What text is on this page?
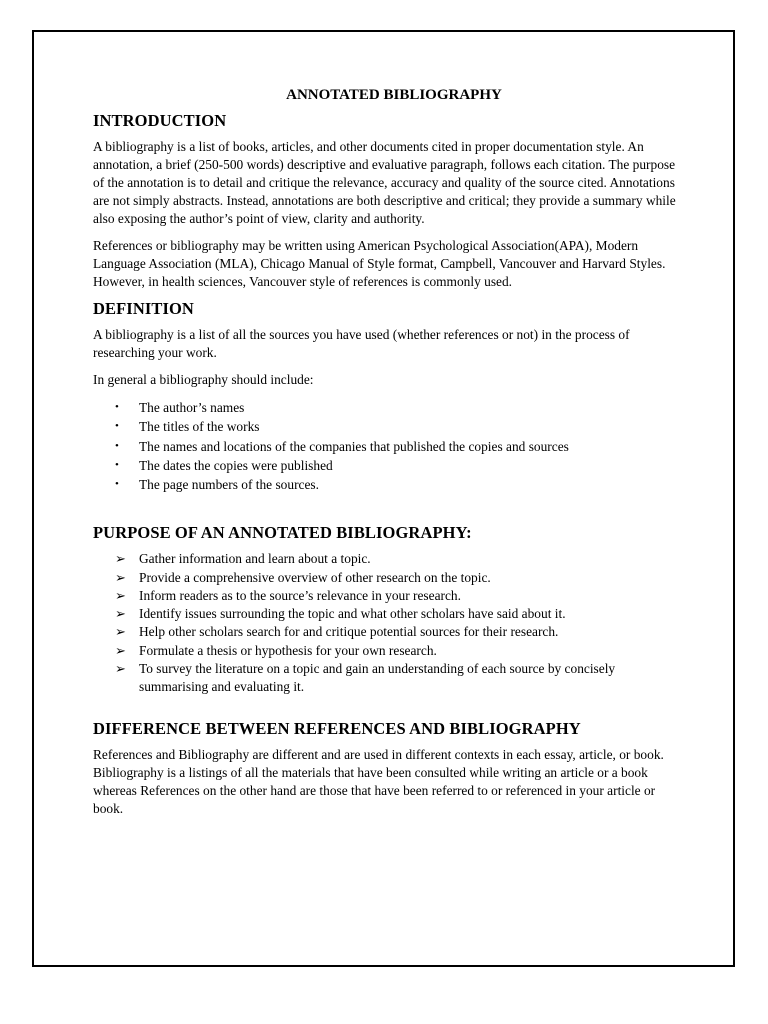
ANNOTATED BIBLIOGRAPHY
INTRODUCTION

A bibliography is a list of books, articles, and other documents cited in proper documentation style. An annotation, a brief (250-500 words) descriptive and evaluative paragraph, follows each citation. The purpose of the annotation is to detail and critique the relevance, accuracy and quality of the source cited. Annotations are not simply abstracts. Instead, annotations are both descriptive and critical; they provide a summary while also exposing the author’s point of view, clarity and authority.

References or bibliography may be written using American Psychological Association(APA), Modern Language Association (MLA), Chicago Manual of Style format, Campbell, Vancouver and Harvard Styles. However, in health sciences, Vancouver style of references is commonly used.

DEFINITION

A bibliography is a list of all the sources you have used (whether references or not) in the process of researching your work.

In general a bibliography should include:

• The author’s names
• The titles of the works
• The names and locations of the companies that published the copies and sources
• The dates the copies were published
• The page numbers of the sources.
PURPOSE OF AN ANNOTATED BIBLIOGRAPHY:
➢ Gather information and learn about a topic.
➢ Provide a comprehensive overview of other research on the topic.
➢ Inform readers as to the source’s relevance in your research.
➢ Identify issues surrounding the topic and what other scholars have said about it.
➢ Help other scholars search for and critique potential sources for their research.
➢ Formulate a thesis or hypothesis for your own research.
➢ To survey the literature on a topic and gain an understanding of each source by concisely summarising and evaluating it.
DIFFERENCE BETWEEN REFERENCES AND BIBLIOGRAPHY

References and Bibliography are different and are used in different contexts in each essay, article, or book. Bibliography is a listings of all the materials that have been consulted while writing an article or a book whereas References on the other hand are those that have been referred to or referenced in your article or book.
